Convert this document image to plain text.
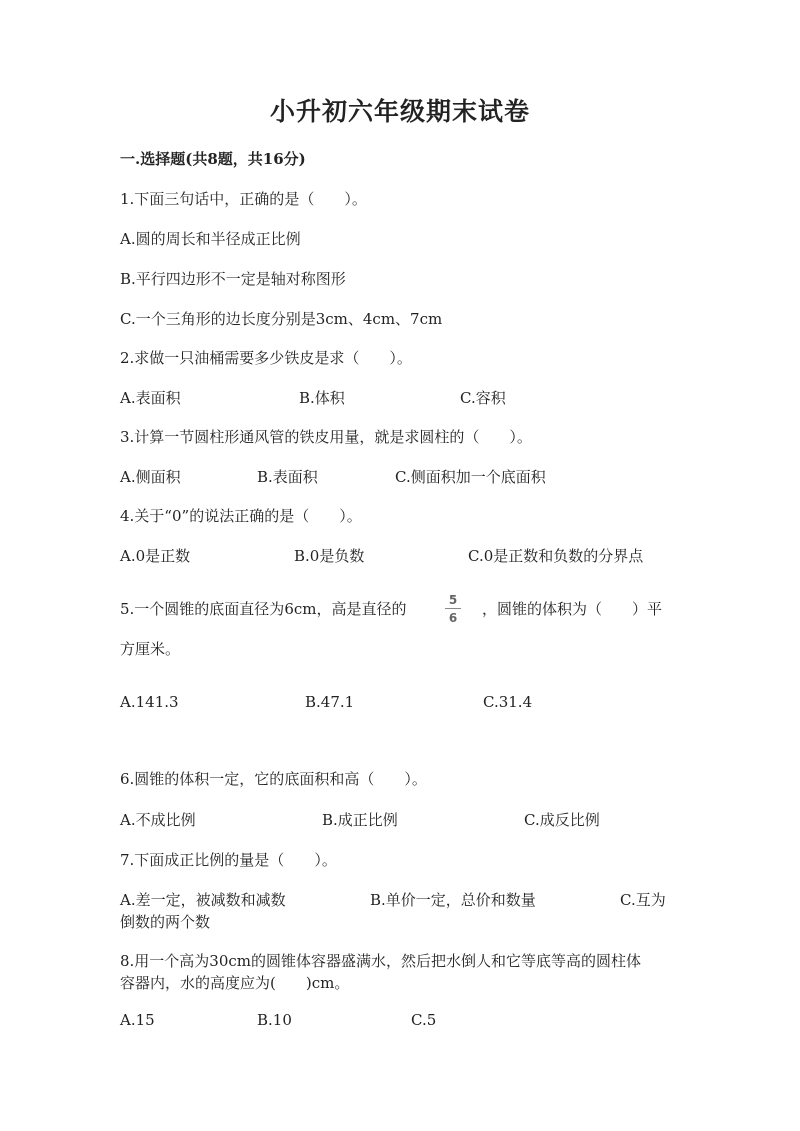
小升初六年级期末试卷
一.选择题(共8题，共16分)
1.下面三句话中，正确的是（　　）。
A.圆的周长和半径成正比例
B.平行四边形不一定是轴对称图形
C.一个三角形的边长度分别是3cm、4cm、7cm
2.求做一只油桶需要多少铁皮是求（　　）。
A.表面积	B.体积	C.容积
3.计算一节圆柱形通风管的铁皮用量，就是求圆柱的（　　）。
A.侧面积	B.表面积	C.侧面积加一个底面积
4.关于“0”的说法正确的是（　　）。
A.0是正数	B.0是负数	C.0是正数和负数的分界点
5.一个圆锥的底面直径为6cm，高是直径的	5
6 ，圆锥的体积为（　　）平
方厘米。
A.141.3	B.47.1	C.31.4
6.圆锥的体积一定，它的底面积和高（　　）。
A.不成比例	B.成正比例	C.成反比例
7.下面成正比例的量是（　　）。
A.差一定，被减数和减数	B.单价一定，总价和数量	C.互为
倒数的两个数
8.用一个高为30cm的圆锥体容器盛满水，然后把水倒人和它等底等高的圆柱体
容器内，水的高度应为(　　)cm。
A.15	B.10	C.5
